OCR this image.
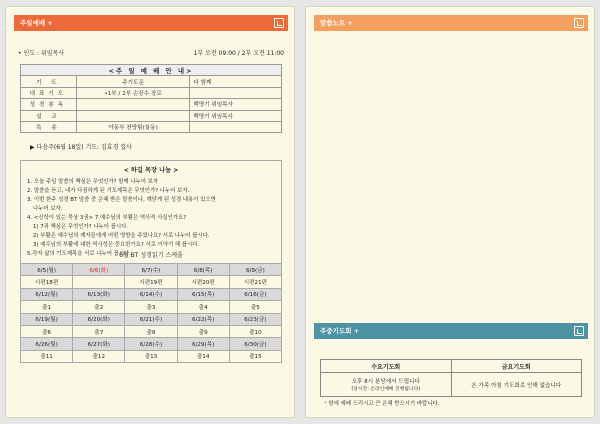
주일예배 +
• 인도 : 위임목사	1부 오전 09:00 / 2부 오전 11:00
<주 일 예 배 안 내>		
기 도	주기도문	다 함께
대표기도	•1부 / 2부 손장수 장로	
성경봉독		백명기 위임목사
설 교		백명기 위임목사
특 송	아동부 찬양팀(율동)	
▶ 다음주(6월 18일) 기도: 김효경 집사
< 하길 목장 나눔 >
1. 오늘 주일 말씀의 핵심은 무엇인가? 함께 나누어 보자
2. 말씀을 듣고, 내가 다짐하게 된 기도제목은 무엇인가? 나누어 보자.
3. 이번 한주 성경 BT 말씀 중 은혜 받은 말씀이나, 깨닫게 된 성경 내용이 있으면
나누어 보자.
4. <신학이 있는 묵상 3권> 7.예수님의 부활은 역사적 사실인가요?
1) 7과 핵심은 무엇인가? 나누어 봅시다.
2) 부활은 예수님의 제자들에게 어떤 영향을 주었나요? 서로 나누어 봅시다.
3) 예수님의 부활에 대한 역사성은 중요한가요? 서로 이야기 해 봅시다.
5.각자 삶의 기도제목을 서로 나누어 봅시다.
6월 BT 성경읽기 스케줄
6/5(월)	6/6(화)	6/7(수)	6/8(목)	6/9(금)
시편18편		시편19편	시편20편	시편21편
6/12(월)	6/13(화)	6/14(수)	6/15(목)	6/16(금)
출1	출2	출3	출4	출5
6/19(월)	6/20(화)	6/21(수)	6/22(목)	6/23(금)
출6	출7	출8	출9	출10
6/26(월)	6/27(화)	6/28(수)	6/29(목)	6/30(금)
출11	출12	출13	출14	출15
말씀노트 +
주중기도회 +
수요기도회	금요기도회
오후 8시 본당에서 드립니다
(당시간: 온라인예배 진행됩니다)	온 가족 아침 기도회로 인해 없습니다
* 항에 예배 드리시고 큰 은혜 받으시기 바랍니다.
